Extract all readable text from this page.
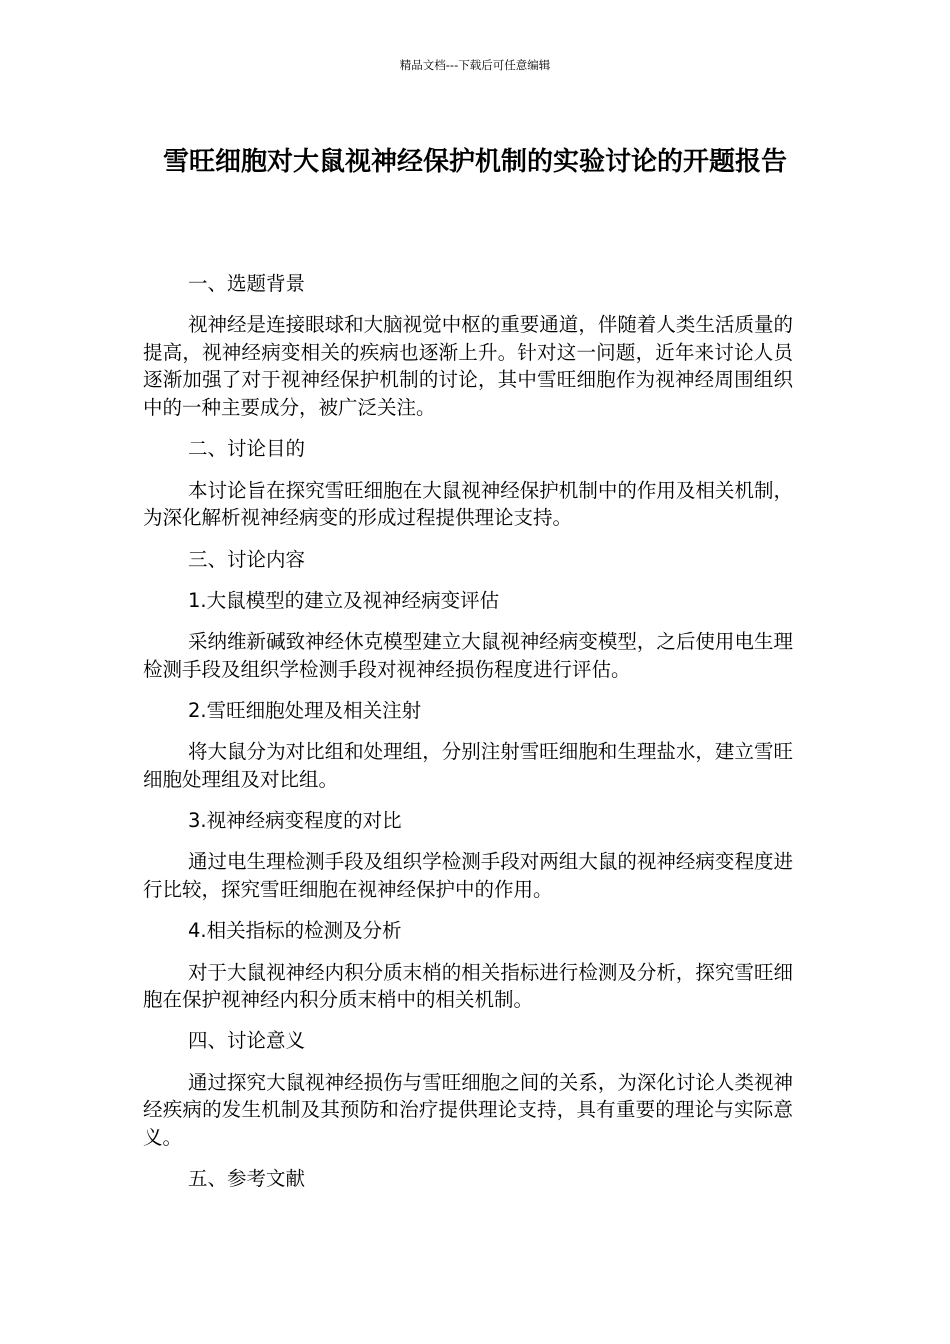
精品文档---下载后可任意编辑
雪旺细胞对大鼠视神经保护机制的实验讨论的开题报告

一、选题背景

视神经是连接眼球和大脑视觉中枢的重要通道，伴随着人类生活质量的提高，视神经病变相关的疾病也逐渐上升。针对这一问题，近年来讨论人员逐渐加强了对于视神经保护机制的讨论，其中雪旺细胞作为视神经周围组织中的一种主要成分，被广泛关注。

二、讨论目的

本讨论旨在探究雪旺细胞在大鼠视神经保护机制中的作用及相关机制，为深化解析视神经病变的形成过程提供理论支持。

三、讨论内容

1.大鼠模型的建立及视神经病变评估

采纳维新碱致神经休克模型建立大鼠视神经病变模型，之后使用电生理检测手段及组织学检测手段对视神经损伤程度进行评估。

2.雪旺细胞处理及相关注射

将大鼠分为对比组和处理组，分别注射雪旺细胞和生理盐水，建立雪旺细胞处理组及对比组。

3.视神经病变程度的对比

通过电生理检测手段及组织学检测手段对两组大鼠的视神经病变程度进行比较，探究雪旺细胞在视神经保护中的作用。

4.相关指标的检测及分析

对于大鼠视神经内积分质末梢的相关指标进行检测及分析，探究雪旺细胞在保护视神经内积分质末梢中的相关机制。

四、讨论意义

通过探究大鼠视神经损伤与雪旺细胞之间的关系，为深化讨论人类视神经疾病的发生机制及其预防和治疗提供理论支持，具有重要的理论与实际意义。

五、参考文献
